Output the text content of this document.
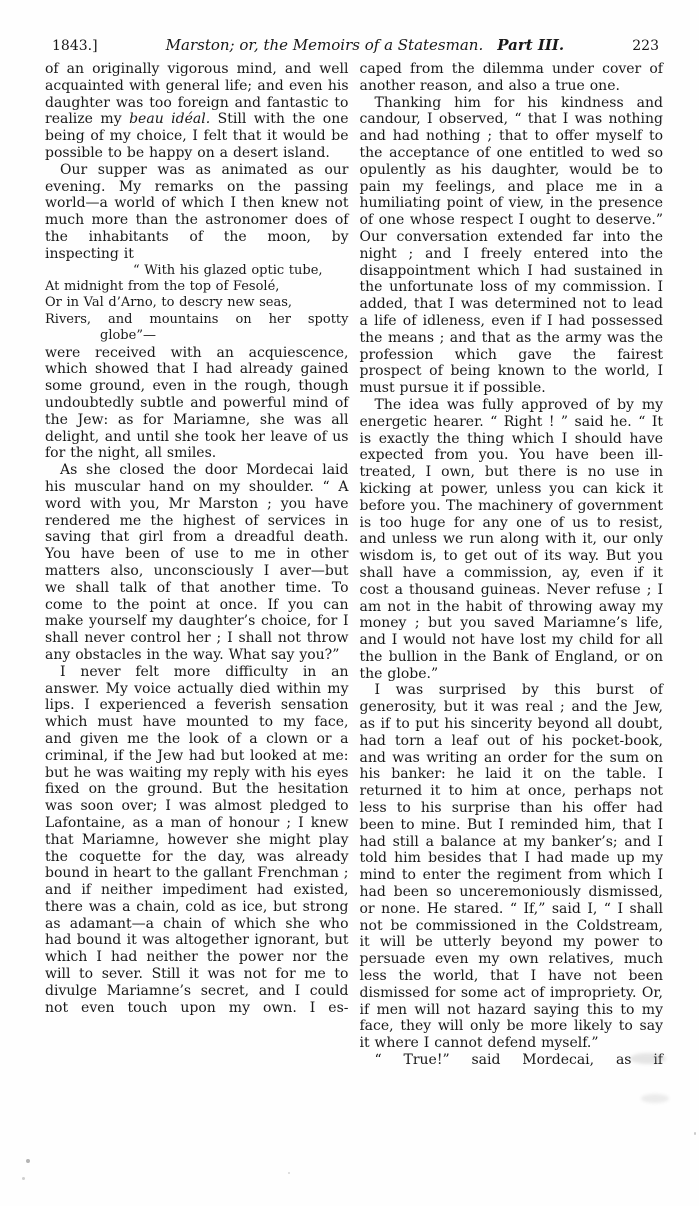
1843.]	Marston; or, the Memoirs of a Statesman. Part III.	223

of an originally vigorous mind, and well acquainted with general life; and even his daughter was too foreign and fantastic to realize my beau idéal. Still with the one being of my choice, I felt that it would be possible to be happy on a desert island.

Our supper was as animated as our evening. My remarks on the passing world—a world of which I then knew not much more than the astronomer does of the inhabitants of the moon, by inspecting it

“ With his glazed optic tube,
At midnight from the top of Fesolé,
Or in Val d’Arno, to descry new seas,
Rivers, and mountains on her spotty
globe”—

were received with an acquiescence, which showed that I had already gained some ground, even in the rough, though undoubtedly subtle and powerful mind of the Jew: as for Mariamne, she was all delight, and until she took her leave of us for the night, all smiles.

As she closed the door Mordecai laid his muscular hand on my shoulder. “ A word with you, Mr Marston ; you have rendered me the highest of services in saving that girl from a dreadful death. You have been of use to me in other matters also, unconsciously I aver—but we shall talk of that another time. To come to the point at once. If you can make yourself my daughter’s choice, for I shall never control her ; I shall not throw any obstacles in the way. What say you?”

I never felt more difficulty in an answer. My voice actually died within my lips. I experienced a feverish sensation which must have mounted to my face, and given me the look of a clown or a criminal, if the Jew had but looked at me: but he was waiting my reply with his eyes fixed on the ground. But the hesitation was soon over; I was almost pledged to Lafontaine, as a man of honour ; I knew that Mariamne, however she might play the coquette for the day, was already bound in heart to the gallant Frenchman ; and if neither impediment had existed, there was a chain, cold as ice, but strong as adamant—a chain of which she who had bound it was altogether ignorant, but which I had neither the power nor the will to sever. Still it was not for me to divulge Mariamne’s secret, and I could not even touch upon my own. I es-

caped from the dilemma under cover of another reason, and also a true one.

Thanking him for his kindness and candour, I observed, “ that I was nothing and had nothing ; that to offer myself to the acceptance of one entitled to wed so opulently as his daughter, would be to pain my feelings, and place me in a humiliating point of view, in the presence of one whose respect I ought to deserve.” Our conversation extended far into the night ; and I freely entered into the disappointment which I had sustained in the unfortunate loss of my commission. I added, that I was determined not to lead a life of idleness, even if I had possessed the means ; and that as the army was the profession which gave the fairest prospect of being known to the world, I must pursue it if possible.

The idea was fully approved of by my energetic hearer. “ Right ! ” said he. “ It is exactly the thing which I should have expected from you. You have been ill-treated, I own, but there is no use in kicking at power, unless you can kick it before you. The machinery of government is too huge for any one of us to resist, and unless we run along with it, our only wisdom is, to get out of its way. But you shall have a commission, ay, even if it cost a thousand guineas. Never refuse ; I am not in the habit of throwing away my money ; but you saved Mariamne’s life, and I would not have lost my child for all the bullion in the Bank of England, or on the globe.”

I was surprised by this burst of generosity, but it was real ; and the Jew, as if to put his sincerity beyond all doubt, had torn a leaf out of his pocket-book, and was writing an order for the sum on his banker: he laid it on the table. I returned it to him at once, perhaps not less to his surprise than his offer had been to mine. But I reminded him, that I had still a balance at my banker’s; and I told him besides that I had made up my mind to enter the regiment from which I had been so unceremoniously dismissed, or none. He stared. “ If,” said I, “ I shall not be commissioned in the Coldstream, it will be utterly beyond my power to persuade even my own relatives, much less the world, that I have not been dismissed for some act of impropriety. Or, if men will not hazard saying this to my face, they will only be more likely to say it where I cannot defend myself.”

“ True!” said Mordecai, as if
